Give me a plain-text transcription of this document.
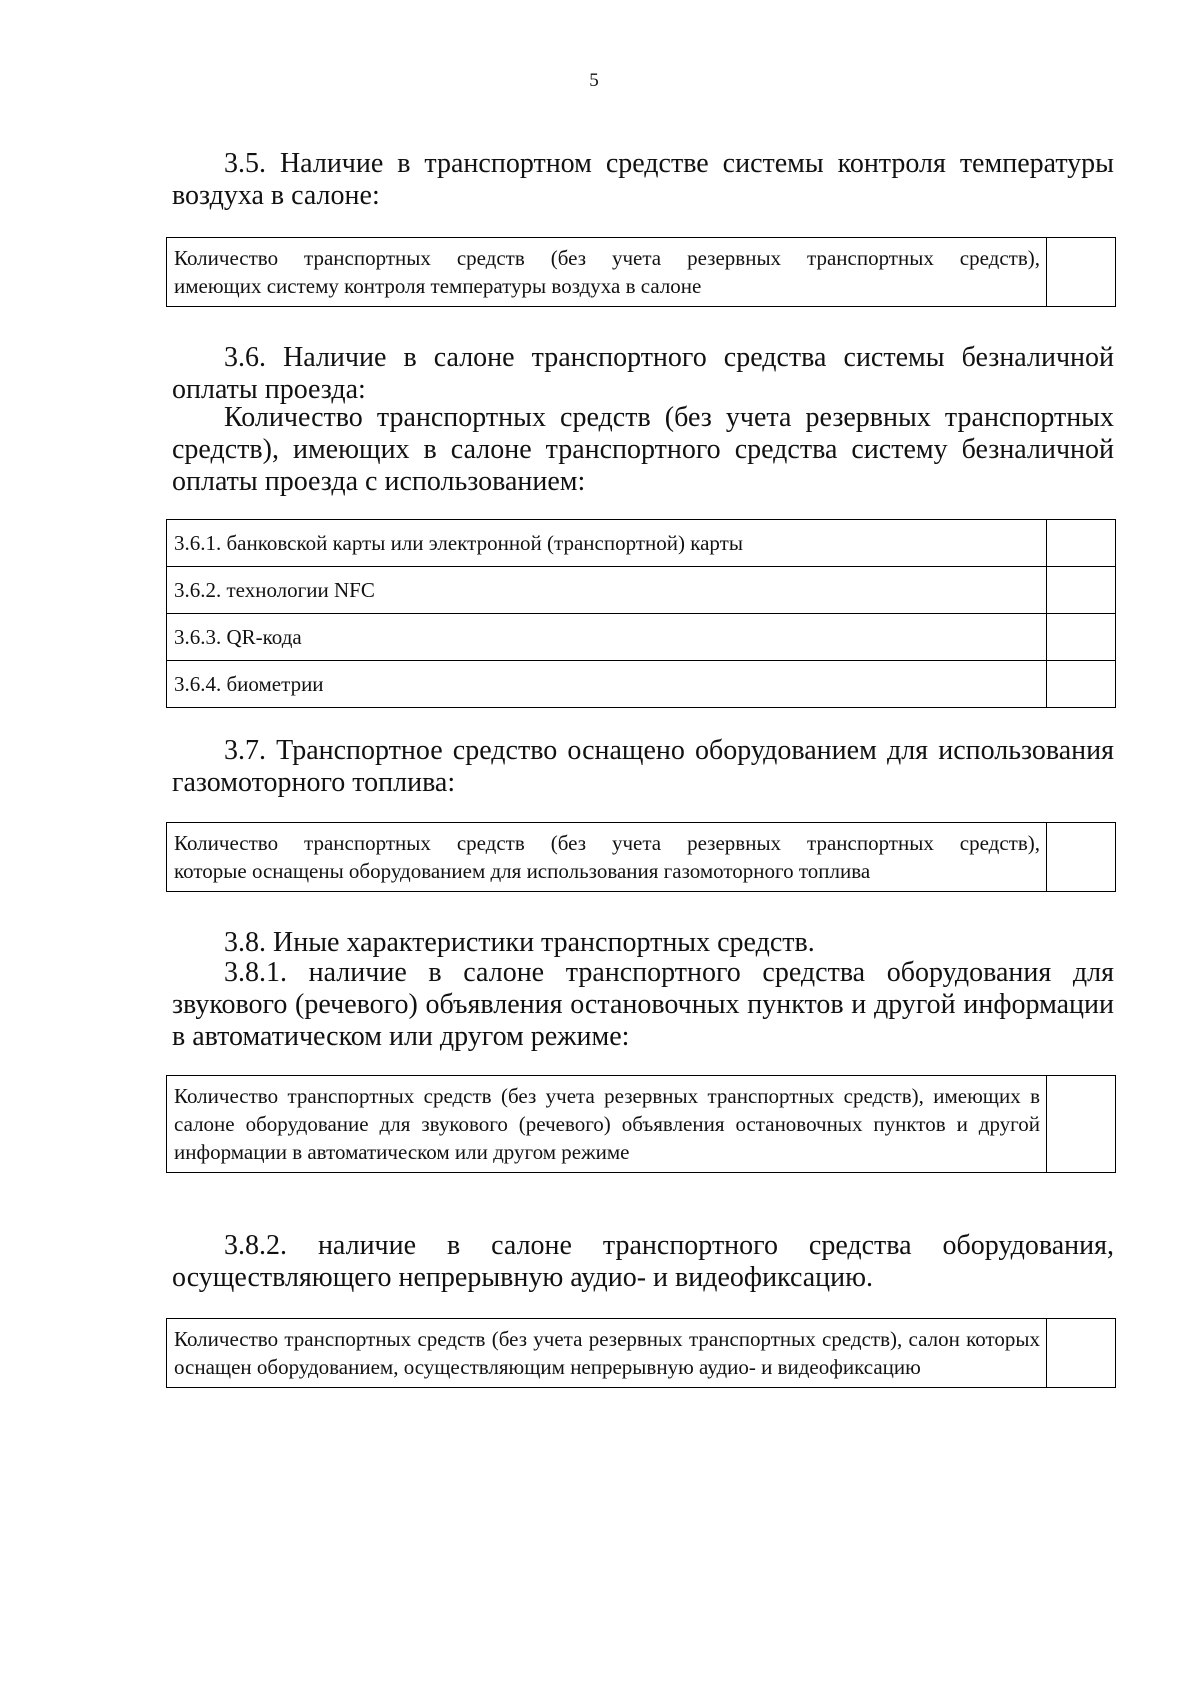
5

3.5. Наличие в транспортном средстве системы контроля температуры воздуха в салоне:

Количество транспортных средств (без учета резервных транспортных средств),
имеющих систему контроля температуры воздуха в салоне

3.6. Наличие в салоне транспортного средства системы безналичной оплаты проезда:

Количество транспортных средств (без учета резервных транспортных средств), имеющих в салоне транспортного средства систему безналичной оплаты проезда с использованием:

3.6.1. банковской карты или электронной (транспортной) карты	
3.6.2. технологии NFC	
3.6.3. QR-кода	
3.6.4. биометрии	

3.7. Транспортное средство оснащено оборудованием для использования газомоторного топлива:

Количество транспортных средств (без учета резервных транспортных средств),
которые оснащены оборудованием для использования газомоторного топлива

3.8. Иные характеристики транспортных средств.

3.8.1. наличие в салоне транспортного средства оборудования для звукового (речевого) объявления остановочных пунктов и другой информации в автоматическом или другом режиме:

Количество транспортных средств (без учета резервных транспортных средств), имеющих в салоне оборудование для звукового (речевого) объявления остановочных пунктов и другой информации в автоматическом или другом режиме	

3.8.2. наличие в салоне транспортного средства оборудования, осуществляющего непрерывную аудио- и видеофиксацию.

Количество транспортных средств (без учета резервных транспортных средств), салон которых оснащен оборудованием, осуществляющим непрерывную аудио- и видеофиксацию	
